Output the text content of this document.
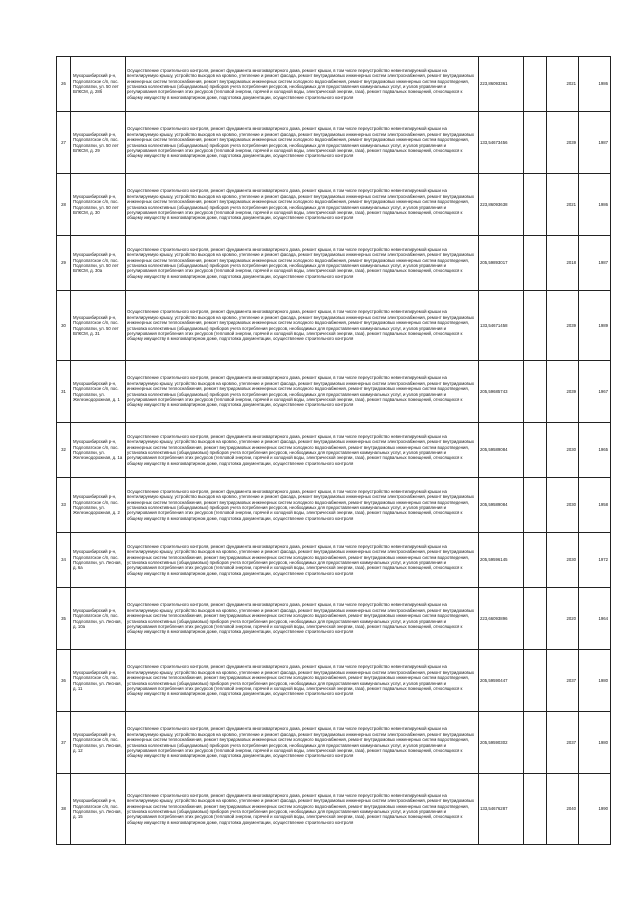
26	Мухоршибирский р-н, Подлопатское с/п, пос. Подлопатки, ул. 50 лет ВЛКСМ, д. 28б	Осуществление строительного контроля, ремонт фундамента многоквартирного дома, ремонт крыши, в том числе переустройство невентилируемой крыши на вентилируемую крышу, устройство выходов на кровлю, утепление и ремонт фасада, ремонт внутридомовых инженерных систем электроснабжения, ремонт внутридомовых инженерных систем теплоснабжения, ремонт внутридомовых инженерных систем холодного водоснабжения, ремонт внутридомовых инженерных систем водоотведения, установка коллективных (общедомовых) приборов учета потребления ресурсов, необходимых для предоставления коммунальных услуг, и узлов управления и регулирования потребления этих ресурсов (тепловой энергии, горячей и холодной воды, электрической энергии, газа), ремонт подвальных помещений, относящихся к общему имуществу в многоквартирном доме, подготовка документации, осуществление строительного контроля	223,86093361		2021	1986
27	Мухоршибирский р-н, Подлопатское с/п, пос. Подлопатки, ул. 50 лет ВЛКСМ, д. 29	Осуществление строительного контроля, ремонт фундамента многоквартирного дома, ремонт крыши, в том числе переустройство невентилируемой крыши на вентилируемую крышу, устройство выходов на кровлю, утепление и ремонт фасада, ремонт внутридомовых инженерных систем электроснабжения, ремонт внутридомовых инженерных систем теплоснабжения, ремонт внутридомовых инженерных систем холодного водоснабжения, ремонт внутридомовых инженерных систем водоотведения, установка коллективных (общедомовых) приборов учета потребления ресурсов, необходимых для предоставления коммунальных услуг, и узлов управления и регулирования потребления этих ресурсов (тепловой энергии, горячей и холодной воды, электрической энергии, газа), ремонт подвальных помещений, относящихся к общему имуществу в многоквартирном доме, подготовка документации, осуществление строительного контроля	133,54673456		2039	1987
28	Мухоршибирский р-н, Подлопатское с/п, пос. Подлопатки, ул. 50 лет ВЛКСМ, д. 30	Осуществление строительного контроля, ремонт фундамента многоквартирного дома, ремонт крыши, в том числе переустройство невентилируемой крыши на вентилируемую крышу, устройство выходов на кровлю, утепление и ремонт фасада, ремонт внутридомовых инженерных систем электроснабжения, ремонт внутридомовых инженерных систем теплоснабжения, ремонт внутридомовых инженерных систем холодного водоснабжения, ремонт внутридомовых инженерных систем водоотведения, установка коллективных (общедомовых) приборов учета потребления ресурсов, необходимых для предоставления коммунальных услуг, и узлов управления и регулирования потребления этих ресурсов (тепловой энергии, горячей и холодной воды, электрической энергии, газа), ремонт подвальных помещений, относящихся к общему имуществу в многоквартирном доме, подготовка документации, осуществление строительного контроля	223,86093638		2021	1986
29	Мухоршибирский р-н, Подлопатское с/п, пос. Подлопатки, ул. 50 лет ВЛКСМ, д. 30а	Осуществление строительного контроля, ремонт фундамента многоквартирного дома, ремонт крыши, в том числе переустройство невентилируемой крыши на вентилируемую крышу, устройство выходов на кровлю, утепление и ремонт фасада, ремонт внутридомовых инженерных систем электроснабжения, ремонт внутридомовых инженерных систем теплоснабжения, ремонт внутридомовых инженерных систем холодного водоснабжения, ремонт внутридомовых инженерных систем водоотведения, установка коллективных (общедомовых) приборов учета потребления ресурсов, необходимых для предоставления коммунальных услуг, и узлов управления и регулирования потребления этих ресурсов (тепловой энергии, горячей и холодной воды, электрической энергии, газа), ремонт подвальных помещений, относящихся к общему имуществу в многоквартирном доме, подготовка документации, осуществление строительного контроля	205,59893017		2018	1987
30	Мухоршибирский р-н, Подлопатское с/п, пос. Подлопатки, ул. 50 лет ВЛКСМ, д. 31	Осуществление строительного контроля, ремонт фундамента многоквартирного дома, ремонт крыши, в том числе переустройство невентилируемой крыши на вентилируемую крышу, устройство выходов на кровлю, утепление и ремонт фасада, ремонт внутридомовых инженерных систем электроснабжения, ремонт внутридомовых инженерных систем теплоснабжения, ремонт внутридомовых инженерных систем холодного водоснабжения, ремонт внутридомовых инженерных систем водоотведения, установка коллективных (общедомовых) приборов учета потребления ресурсов, необходимых для предоставления коммунальных услуг, и узлов управления и регулирования потребления этих ресурсов (тепловой энергии, горячей и холодной воды, электрической энергии, газа), ремонт подвальных помещений, относящихся к общему имуществу в многоквартирном доме, подготовка документации, осуществление строительного контроля	133,54671458		2039	1989
31	Мухоршибирский р-н, Подлопатское с/п, пос. Подлопатки, ул. Железнодорожная, д. 1	Осуществление строительного контроля, ремонт фундамента многоквартирного дома, ремонт крыши, в том числе переустройство невентилируемой крыши на вентилируемую крышу, устройство выходов на кровлю, утепление и ремонт фасада, ремонт внутридомовых инженерных систем электроснабжения, ремонт внутридомовых инженерных систем теплоснабжения, ремонт внутридомовых инженерных систем холодного водоснабжения, ремонт внутридомовых инженерных систем водоотведения, установка коллективных (общедомовых) приборов учета потребления ресурсов, необходимых для предоставления коммунальных услуг, и узлов управления и регулирования потребления этих ресурсов (тепловой энергии, горячей и холодной воды, электрической энергии, газа), ремонт подвальных помещений, относящихся к общему имуществу в многоквартирном доме, подготовка документации, осуществление строительного контроля	205,59685743		2039	1967
32	Мухоршибирский р-н, Подлопатское с/п, пос. Подлопатки, ул. Железнодорожная, д. 1а	Осуществление строительного контроля, ремонт фундамента многоквартирного дома, ремонт крыши, в том числе переустройство невентилируемой крыши на вентилируемую крышу, устройство выходов на кровлю, утепление и ремонт фасада, ремонт внутридомовых инженерных систем электроснабжения, ремонт внутридомовых инженерных систем теплоснабжения, ремонт внутридомовых инженерных систем холодного водоснабжения, ремонт внутридомовых инженерных систем водоотведения, установка коллективных (общедомовых) приборов учета потребления ресурсов, необходимых для предоставления коммунальных услуг, и узлов управления и регулирования потребления этих ресурсов (тепловой энергии, горячей и холодной воды, электрической энергии, газа), ремонт подвальных помещений, относящихся к общему имуществу в многоквартирном доме, подготовка документации, осуществление строительного контроля	205,59589084		2030	1965
33	Мухоршибирский р-н, Подлопатское с/п, пос. Подлопатки, ул. Железнодорожная, д. 2	Осуществление строительного контроля, ремонт фундамента многоквартирного дома, ремонт крыши, в том числе переустройство невентилируемой крыши на вентилируемую крышу, устройство выходов на кровлю, утепление и ремонт фасада, ремонт внутридомовых инженерных систем электроснабжения, ремонт внутридомовых инженерных систем теплоснабжения, ремонт внутридомовых инженерных систем холодного водоснабжения, ремонт внутридомовых инженерных систем водоотведения, установка коллективных (общедомовых) приборов учета потребления ресурсов, необходимых для предоставления коммунальных услуг, и узлов управления и регулирования потребления этих ресурсов (тепловой энергии, горячей и холодной воды, электрической энергии, газа), ремонт подвальных помещений, относящихся к общему имуществу в многоквартирном доме, подготовка документации, осуществление строительного контроля	205,59589084		2030	1958
34	Мухоршибирский р-н, Подлопатское с/п, пос. Подлопатки, ул. Лесная, д. 6а	Осуществление строительного контроля, ремонт фундамента многоквартирного дома, ремонт крыши, в том числе переустройство невентилируемой крыши на вентилируемую крышу, устройство выходов на кровлю, утепление и ремонт фасада, ремонт внутридомовых инженерных систем электроснабжения, ремонт внутридомовых инженерных систем теплоснабжения, ремонт внутридомовых инженерных систем холодного водоснабжения, ремонт внутридомовых инженерных систем водоотведения, установка коллективных (общедомовых) приборов учета потребления ресурсов, необходимых для предоставления коммунальных услуг, и узлов управления и регулирования потребления этих ресурсов (тепловой энергии, горячей и холодной воды, электрической энергии, газа), ремонт подвальных помещений, относящихся к общему имуществу в многоквартирном доме, подготовка документации, осуществление строительного контроля	205,59596145		2030	1972
35	Мухоршибирский р-н, Подлопатское с/п, пос. Подлопатки, ул. Лесная, д. 10а	Осуществление строительного контроля, ремонт фундамента многоквартирного дома, ремонт крыши, в том числе переустройство невентилируемой крыши на вентилируемую крышу, устройство выходов на кровлю, утепление и ремонт фасада, ремонт внутридомовых инженерных систем электроснабжения, ремонт внутридомовых инженерных систем теплоснабжения, ремонт внутридомовых инженерных систем холодного водоснабжения, ремонт внутридомовых инженерных систем водоотведения, установка коллективных (общедомовых) приборов учета потребления ресурсов, необходимых для предоставления коммунальных услуг, и узлов управления и регулирования потребления этих ресурсов (тепловой энергии, горячей и холодной воды, электрической энергии, газа), ремонт подвальных помещений, относящихся к общему имуществу в многоквартирном доме, подготовка документации, осуществление строительного контроля	223,66093896		2020	1964
36	Мухоршибирский р-н, Подлопатское с/п, пос. Подлопатки, ул. Лесная, д. 11	Осуществление строительного контроля, ремонт фундамента многоквартирного дома, ремонт крыши, в том числе переустройство невентилируемой крыши на вентилируемую крышу, устройство выходов на кровлю, утепление и ремонт фасада, ремонт внутридомовых инженерных систем электроснабжения, ремонт внутридомовых инженерных систем теплоснабжения, ремонт внутридомовых инженерных систем холодного водоснабжения, ремонт внутридомовых инженерных систем водоотведения, установка коллективных (общедомовых) приборов учета потребления ресурсов, необходимых для предоставления коммунальных услуг, и узлов управления и регулирования потребления этих ресурсов (тепловой энергии, горячей и холодной воды, электрической энергии, газа), ремонт подвальных помещений, относящихся к общему имуществу в многоквартирном доме, подготовка документации, осуществление строительного контроля	205,59590447		2037	1980
37	Мухоршибирский р-н, Подлопатское с/п, пос. Подлопатки, ул. Лесная, д. 12	Осуществление строительного контроля, ремонт фундамента многоквартирного дома, ремонт крыши, в том числе переустройство невентилируемой крыши на вентилируемую крышу, устройство выходов на кровлю, утепление и ремонт фасада, ремонт внутридомовых инженерных систем электроснабжения, ремонт внутридомовых инженерных систем теплоснабжения, ремонт внутридомовых инженерных систем холодного водоснабжения, ремонт внутридомовых инженерных систем водоотведения, установка коллективных (общедомовых) приборов учета потребления ресурсов, необходимых для предоставления коммунальных услуг, и узлов управления и регулирования потребления этих ресурсов (тепловой энергии, горячей и холодной воды, электрической энергии, газа), ремонт подвальных помещений, относящихся к общему имуществу в многоквартирном доме, подготовка документации, осуществление строительного контроля	205,59590302		2037	1980
38	Мухоршибирский р-н, Подлопатское с/п, пос. Подлопатки, ул. Лесная, д. 15	Осуществление строительного контроля, ремонт фундамента многоквартирного дома, ремонт крыши, в том числе переустройство невентилируемой крыши на вентилируемую крышу, устройство выходов на кровлю, утепление и ремонт фасада, ремонт внутридомовых инженерных систем электроснабжения, ремонт внутридомовых инженерных систем теплоснабжения, ремонт внутридомовых инженерных систем холодного водоснабжения, ремонт внутридомовых инженерных систем водоотведения, установка коллективных (общедомовых) приборов учета потребления ресурсов, необходимых для предоставления коммунальных услуг, и узлов управления и регулирования потребления этих ресурсов (тепловой энергии, горячей и холодной воды, электрической энергии, газа), ремонт подвальных помещений, относящихся к общему имуществу в многоквартирном доме, подготовка документации, осуществление строительного контроля	133,54676287		2040	1990
